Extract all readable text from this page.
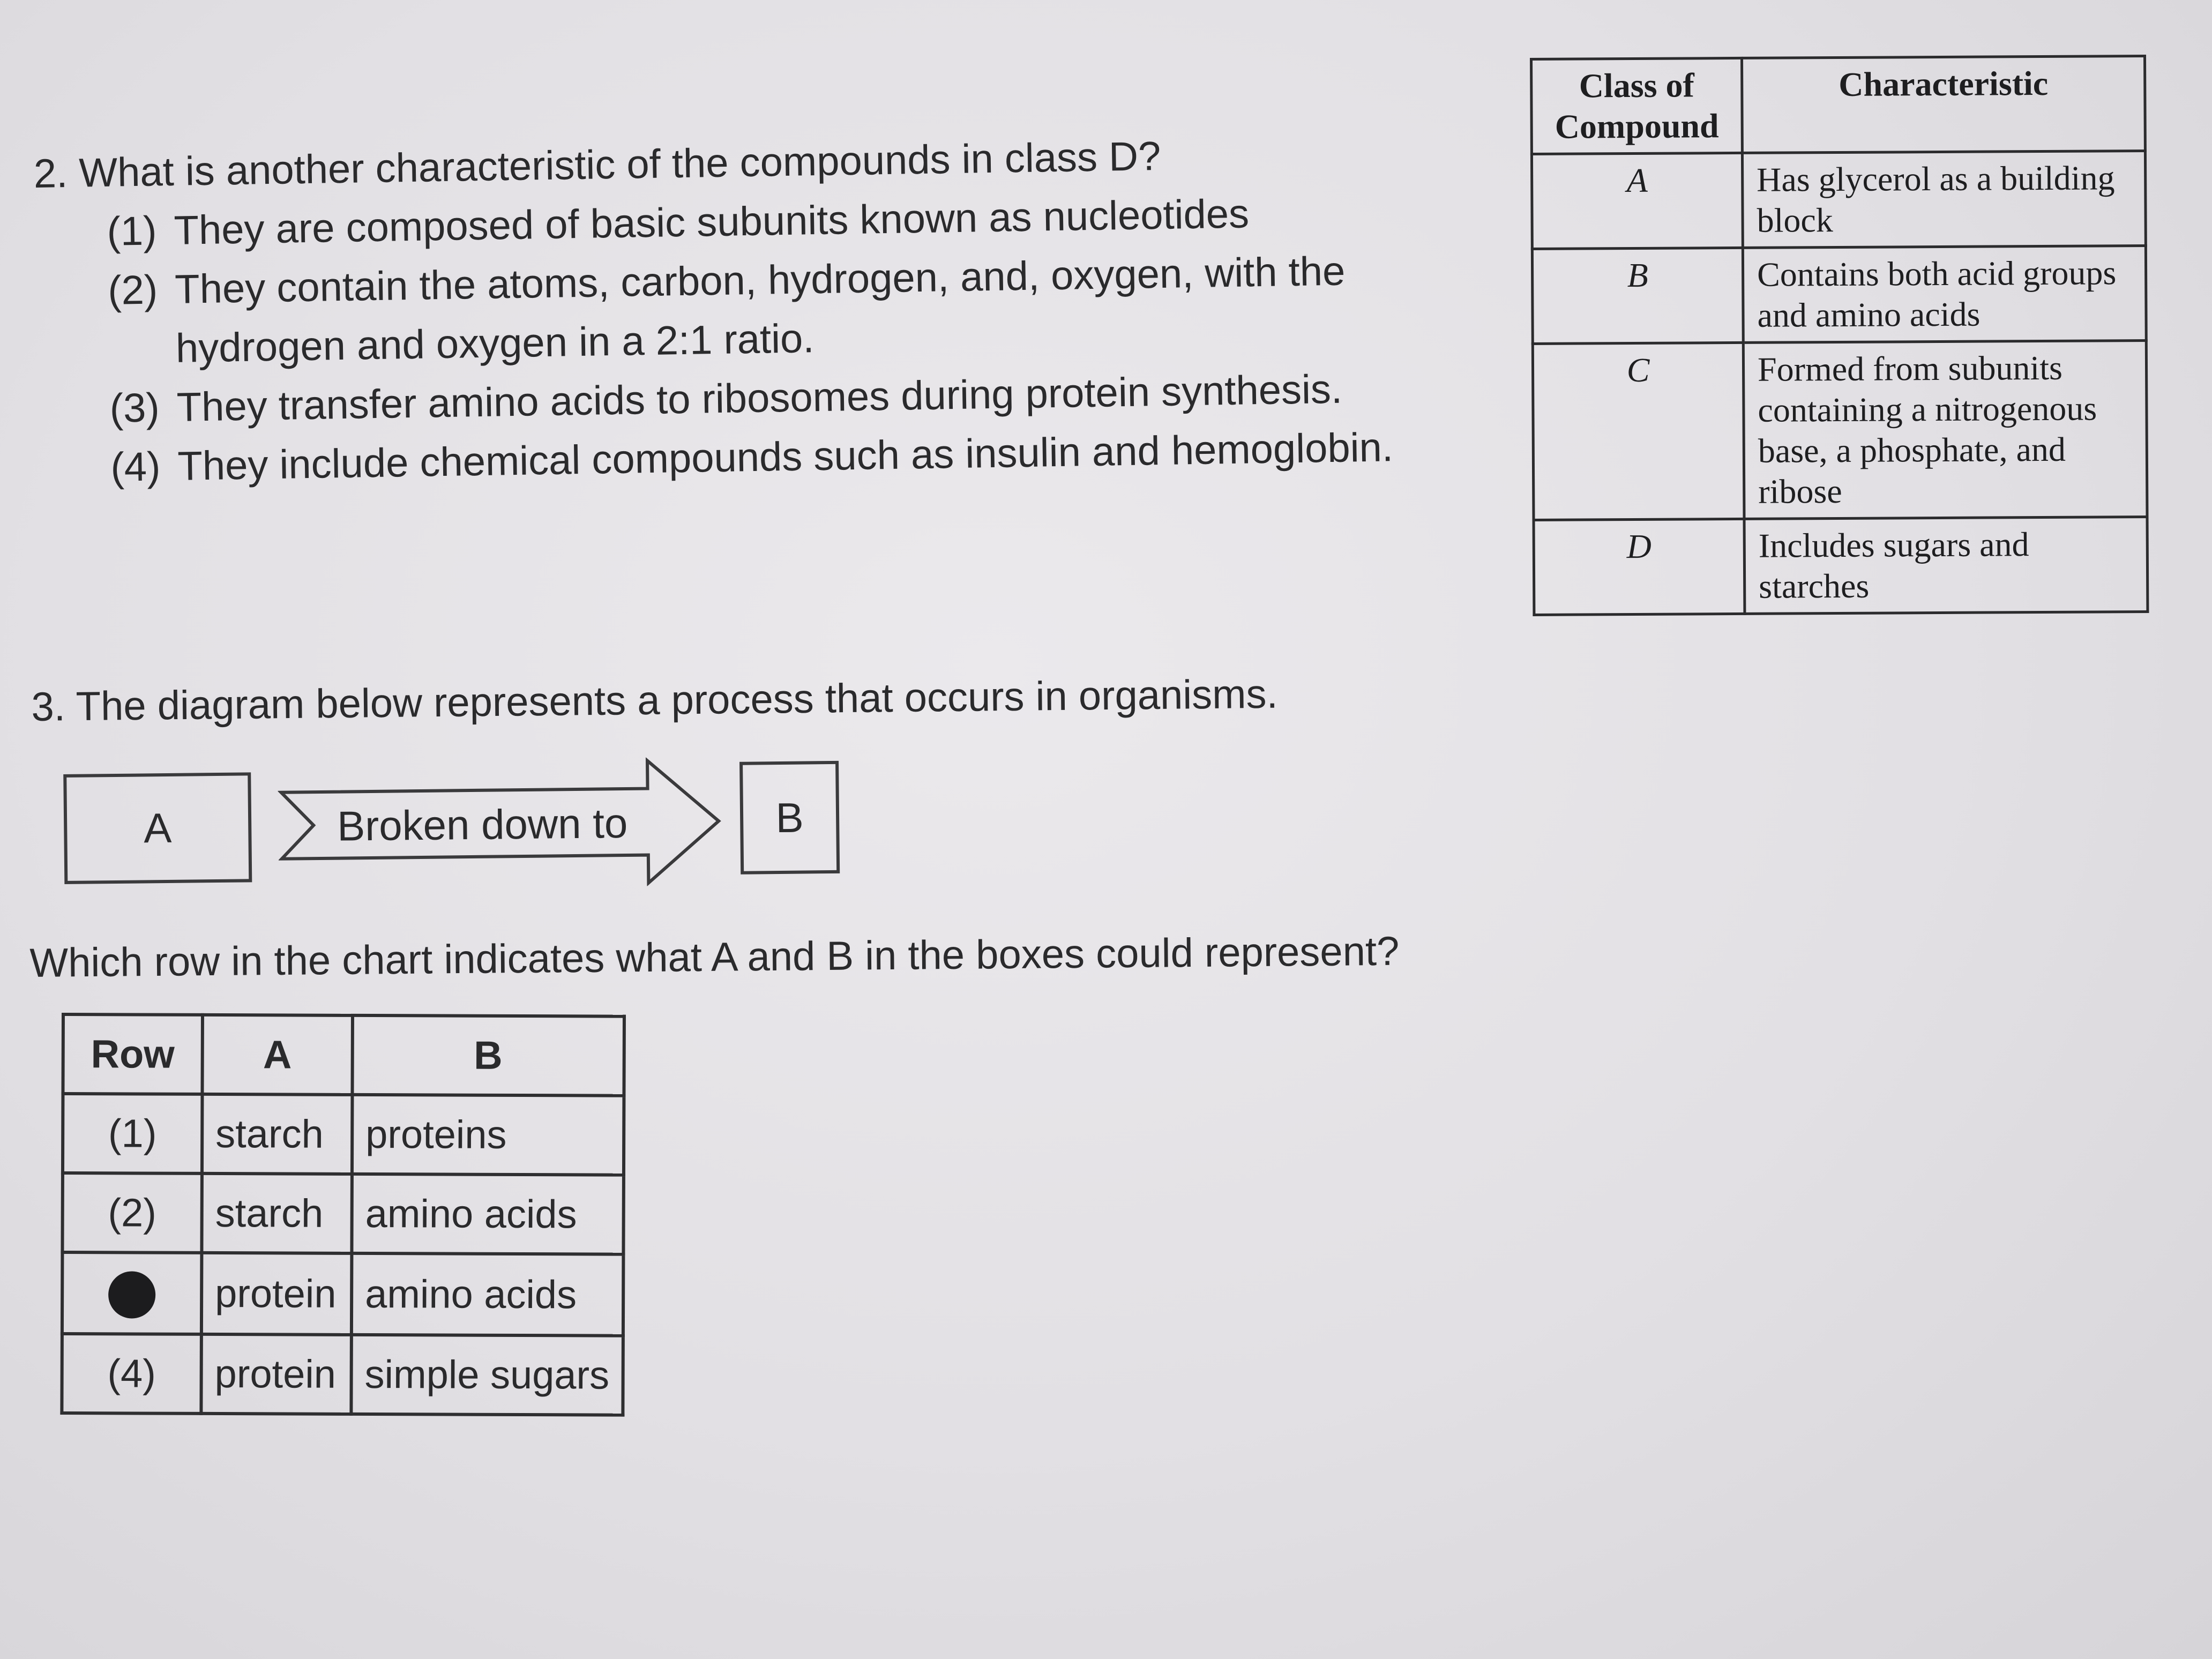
2. What is another characteristic of the compounds in class D?
(1) They are composed of basic subunits known as nucleotides
(2) They contain the atoms, carbon, hydrogen, and, oxygen, with the hydrogen and oxygen in a 2:1 ratio.
(3) They transfer amino acids to ribosomes during protein synthesis.
(4) They include chemical compounds such as insulin and hemoglobin.
Class of Compound	Characteristic
A	Has glycerol as a building block
B	Contains both acid groups and amino acids
C	Formed from subunits containing a nitrogenous base, a phosphate, and ribose
D	Includes sugars and starches
3. The diagram below represents a process that occurs in organisms.
A	Broken down to	B
Which row in the chart indicates what A and B in the boxes could represent?
Row	A	B
(1)	starch	proteins
(2)	starch	amino acids
	protein	amino acids
(4)	protein	simple sugars
